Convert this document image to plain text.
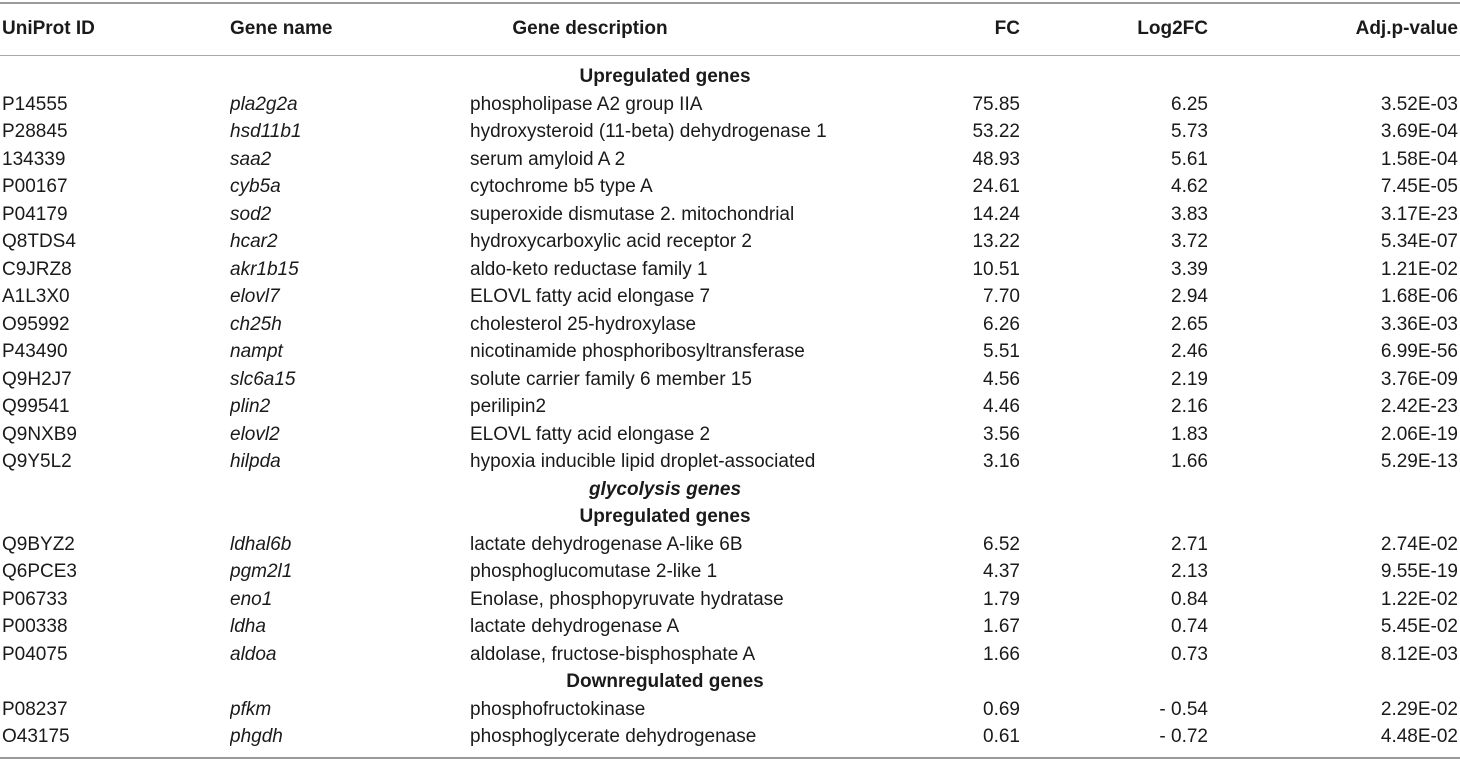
UniProt ID	Gene name	Gene description	FC	Log2FC	Adj.p-value

Upregulated genes					
P14555	pla2g2a	phospholipase A2 group IIA	75.85	6.25	3.52E-03
P28845	hsd11b1	hydroxysteroid (11-beta) dehydrogenase 1	53.22	5.73	3.69E-04
134339	saa2	serum amyloid A 2	48.93	5.61	1.58E-04
P00167	cyb5a	cytochrome b5 type A	24.61	4.62	7.45E-05
P04179	sod2	superoxide dismutase 2. mitochondrial	14.24	3.83	3.17E-23
Q8TDS4	hcar2	hydroxycarboxylic acid receptor 2	13.22	3.72	5.34E-07
C9JRZ8	akr1b15	aldo-keto reductase family 1	10.51	3.39	1.21E-02
A1L3X0	elovl7	ELOVL fatty acid elongase 7	7.70	2.94	1.68E-06
O95992	ch25h	cholesterol 25-hydroxylase	6.26	2.65	3.36E-03
P43490	nampt	nicotinamide phosphoribosyltransferase	5.51	2.46	6.99E-56
Q9H2J7	slc6a15	solute carrier family 6 member 15	4.56	2.19	3.76E-09
Q99541	plin2	perilipin2	4.46	2.16	2.42E-23
Q9NXB9	elovl2	ELOVL fatty acid elongase 2	3.56	1.83	2.06E-19
Q9Y5L2	hilpda	hypoxia inducible lipid droplet-associated	3.16	1.66	5.29E-13
glycolysis genes					
Upregulated genes					
Q9BYZ2	ldhal6b	lactate dehydrogenase A-like 6B	6.52	2.71	2.74E-02
Q6PCE3	pgm2l1	phosphoglucomutase 2-like 1	4.37	2.13	9.55E-19
P06733	eno1	Enolase, phosphopyruvate hydratase	1.79	0.84	1.22E-02
P00338	ldha	lactate dehydrogenase A	1.67	0.74	5.45E-02
P04075	aldoa	aldolase, fructose-bisphosphate A	1.66	0.73	8.12E-03
Downregulated genes					
P08237	pfkm	phosphofructokinase	0.69	- 0.54	2.29E-02
O43175	phgdh	phosphoglycerate dehydrogenase	0.61	- 0.72	4.48E-02
